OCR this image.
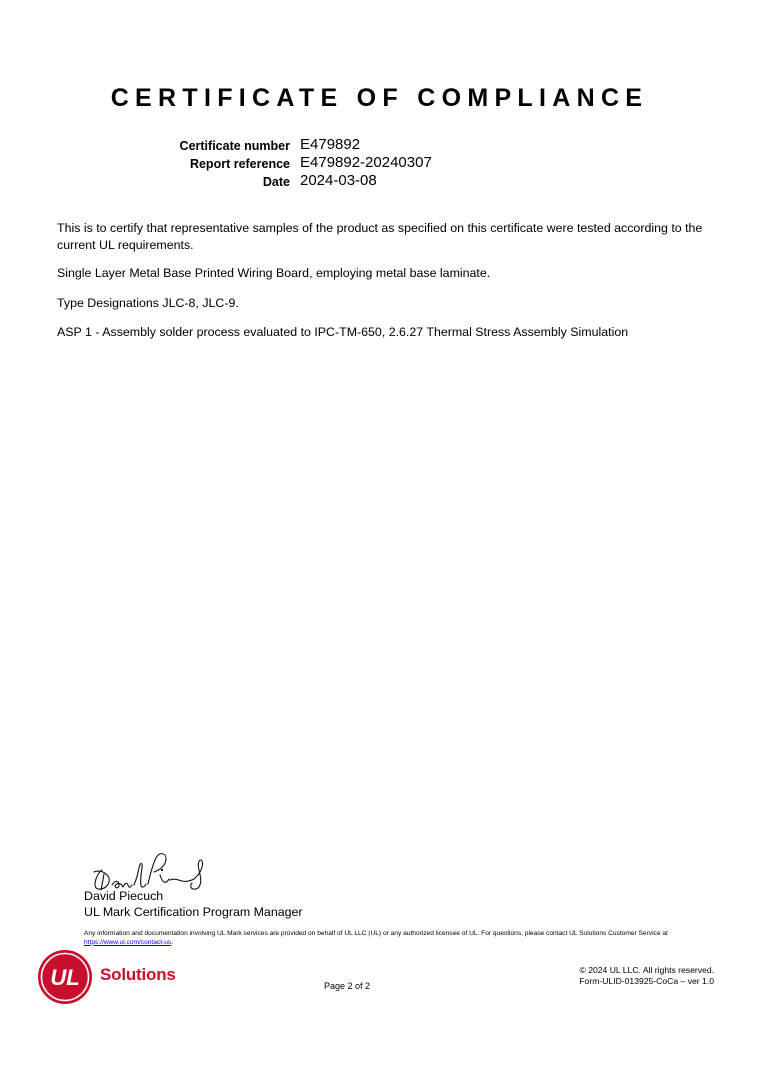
CERTIFICATE OF COMPLIANCE
Certificate number E479892
Report reference E479892-20240307
Date 2024-03-08

This is to certify that representative samples of the product as specified on this certificate were tested according to the current UL requirements.

Single Layer Metal Base Printed Wiring Board, employing metal base laminate.

Type Designations JLC-8, JLC-9.

ASP 1 - Assembly solder process evaluated to IPC-TM-650, 2.6.27 Thermal Stress Assembly Simulation

David Piecuch
UL Mark Certification Program Manager
Any information and documentation involving UL Mark services are provided on behalf of UL LLC (UL) or any authorized licensee of UL. For questions, please contact UL Solutions Customer Service at https://www.ul.com/contact-us.
UL Solutions
Page 2 of 2
© 2024 UL LLC. All rights reserved.
Form-ULID-013925-CoCa – ver 1.0
